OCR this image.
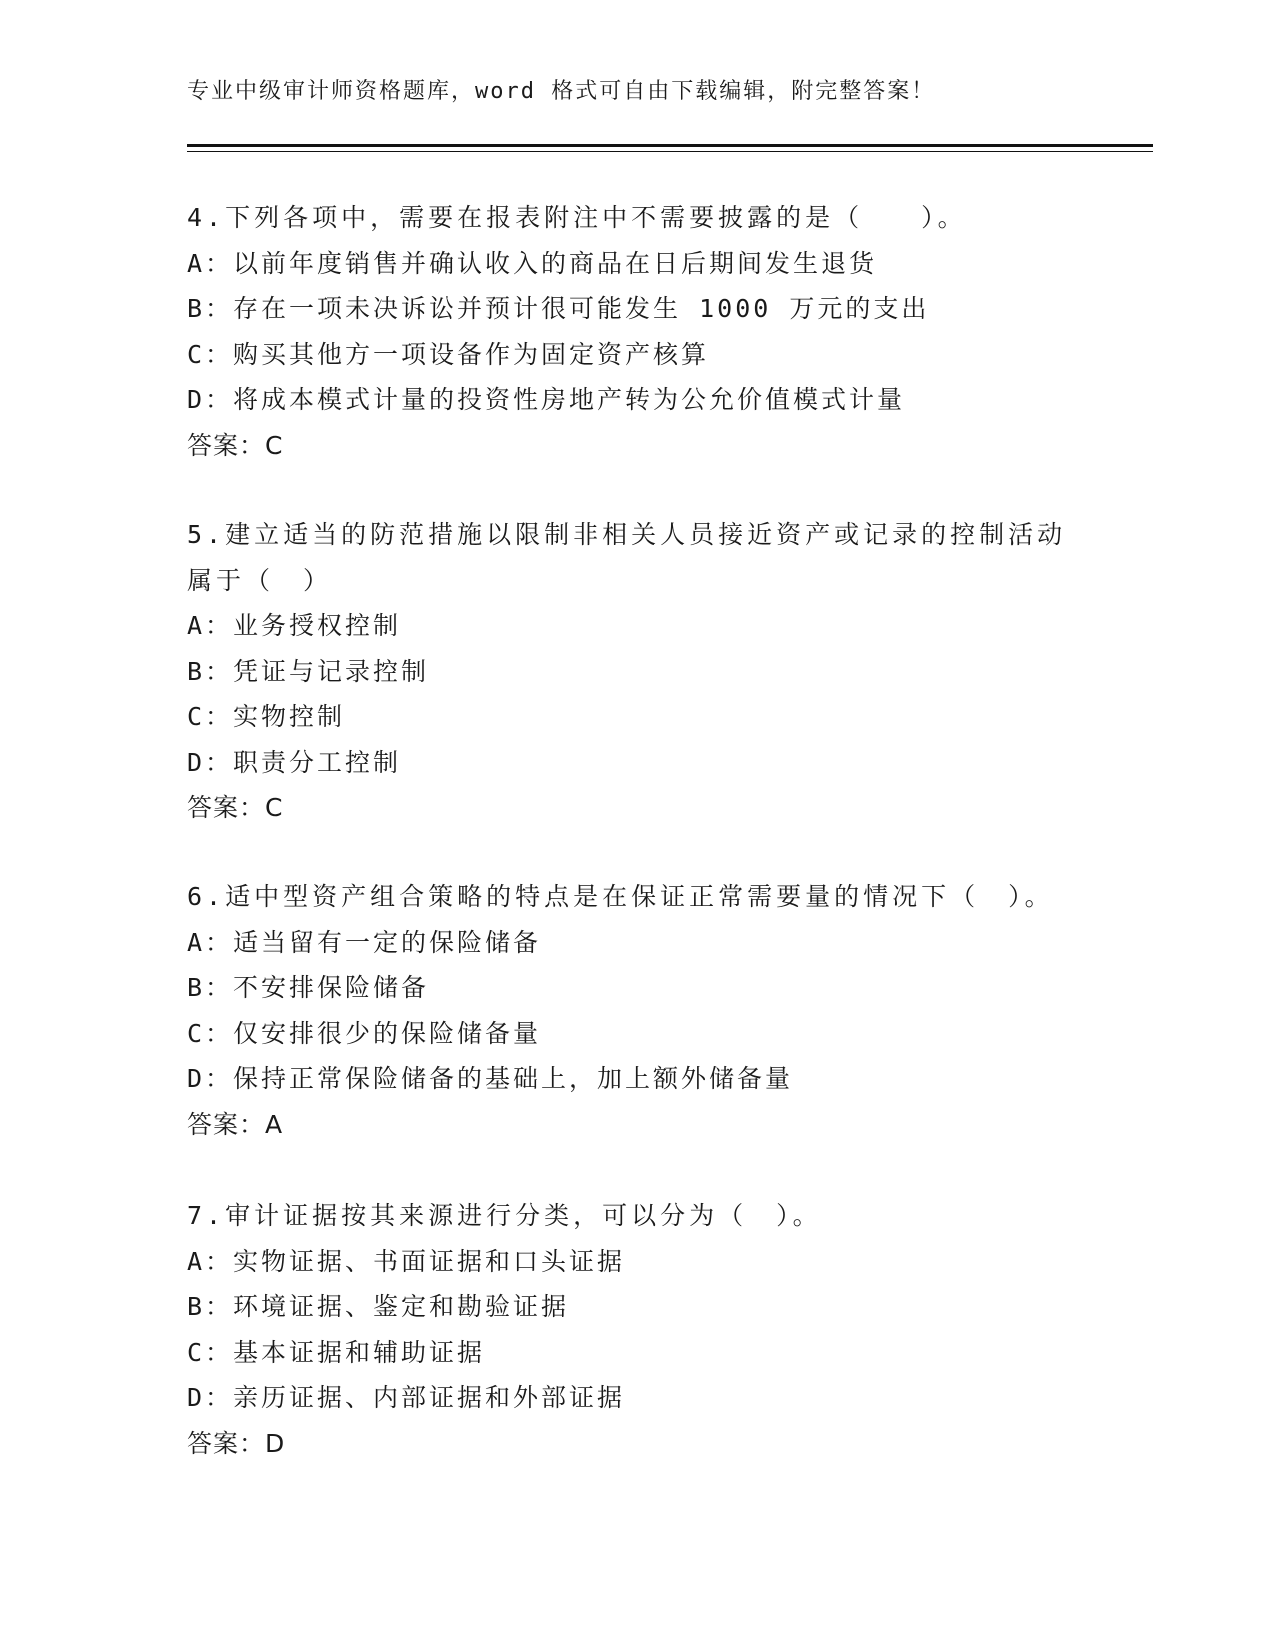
专业中级审计师资格题库，word 格式可自由下载编辑，附完整答案！
4.下列各项中，需要在报表附注中不需要披露的是（　　）。
A：以前年度销售并确认收入的商品在日后期间发生退货
B：存在一项未决诉讼并预计很可能发生 1000 万元的支出
C：购买其他方一项设备作为固定资产核算
D：将成本模式计量的投资性房地产转为公允价值模式计量
答案：C
5.建立适当的防范措施以限制非相关人员接近资产或记录的控制活动
属于（　）
A：业务授权控制
B：凭证与记录控制
C：实物控制
D：职责分工控制
答案：C
6.适中型资产组合策略的特点是在保证正常需要量的情况下（　）。
A：适当留有一定的保险储备
B：不安排保险储备
C：仅安排很少的保险储备量
D：保持正常保险储备的基础上，加上额外储备量
答案：A
7.审计证据按其来源进行分类，可以分为（　）。
A：实物证据、书面证据和口头证据
B：环境证据、鉴定和勘验证据
C：基本证据和辅助证据
D：亲历证据、内部证据和外部证据
答案：D
